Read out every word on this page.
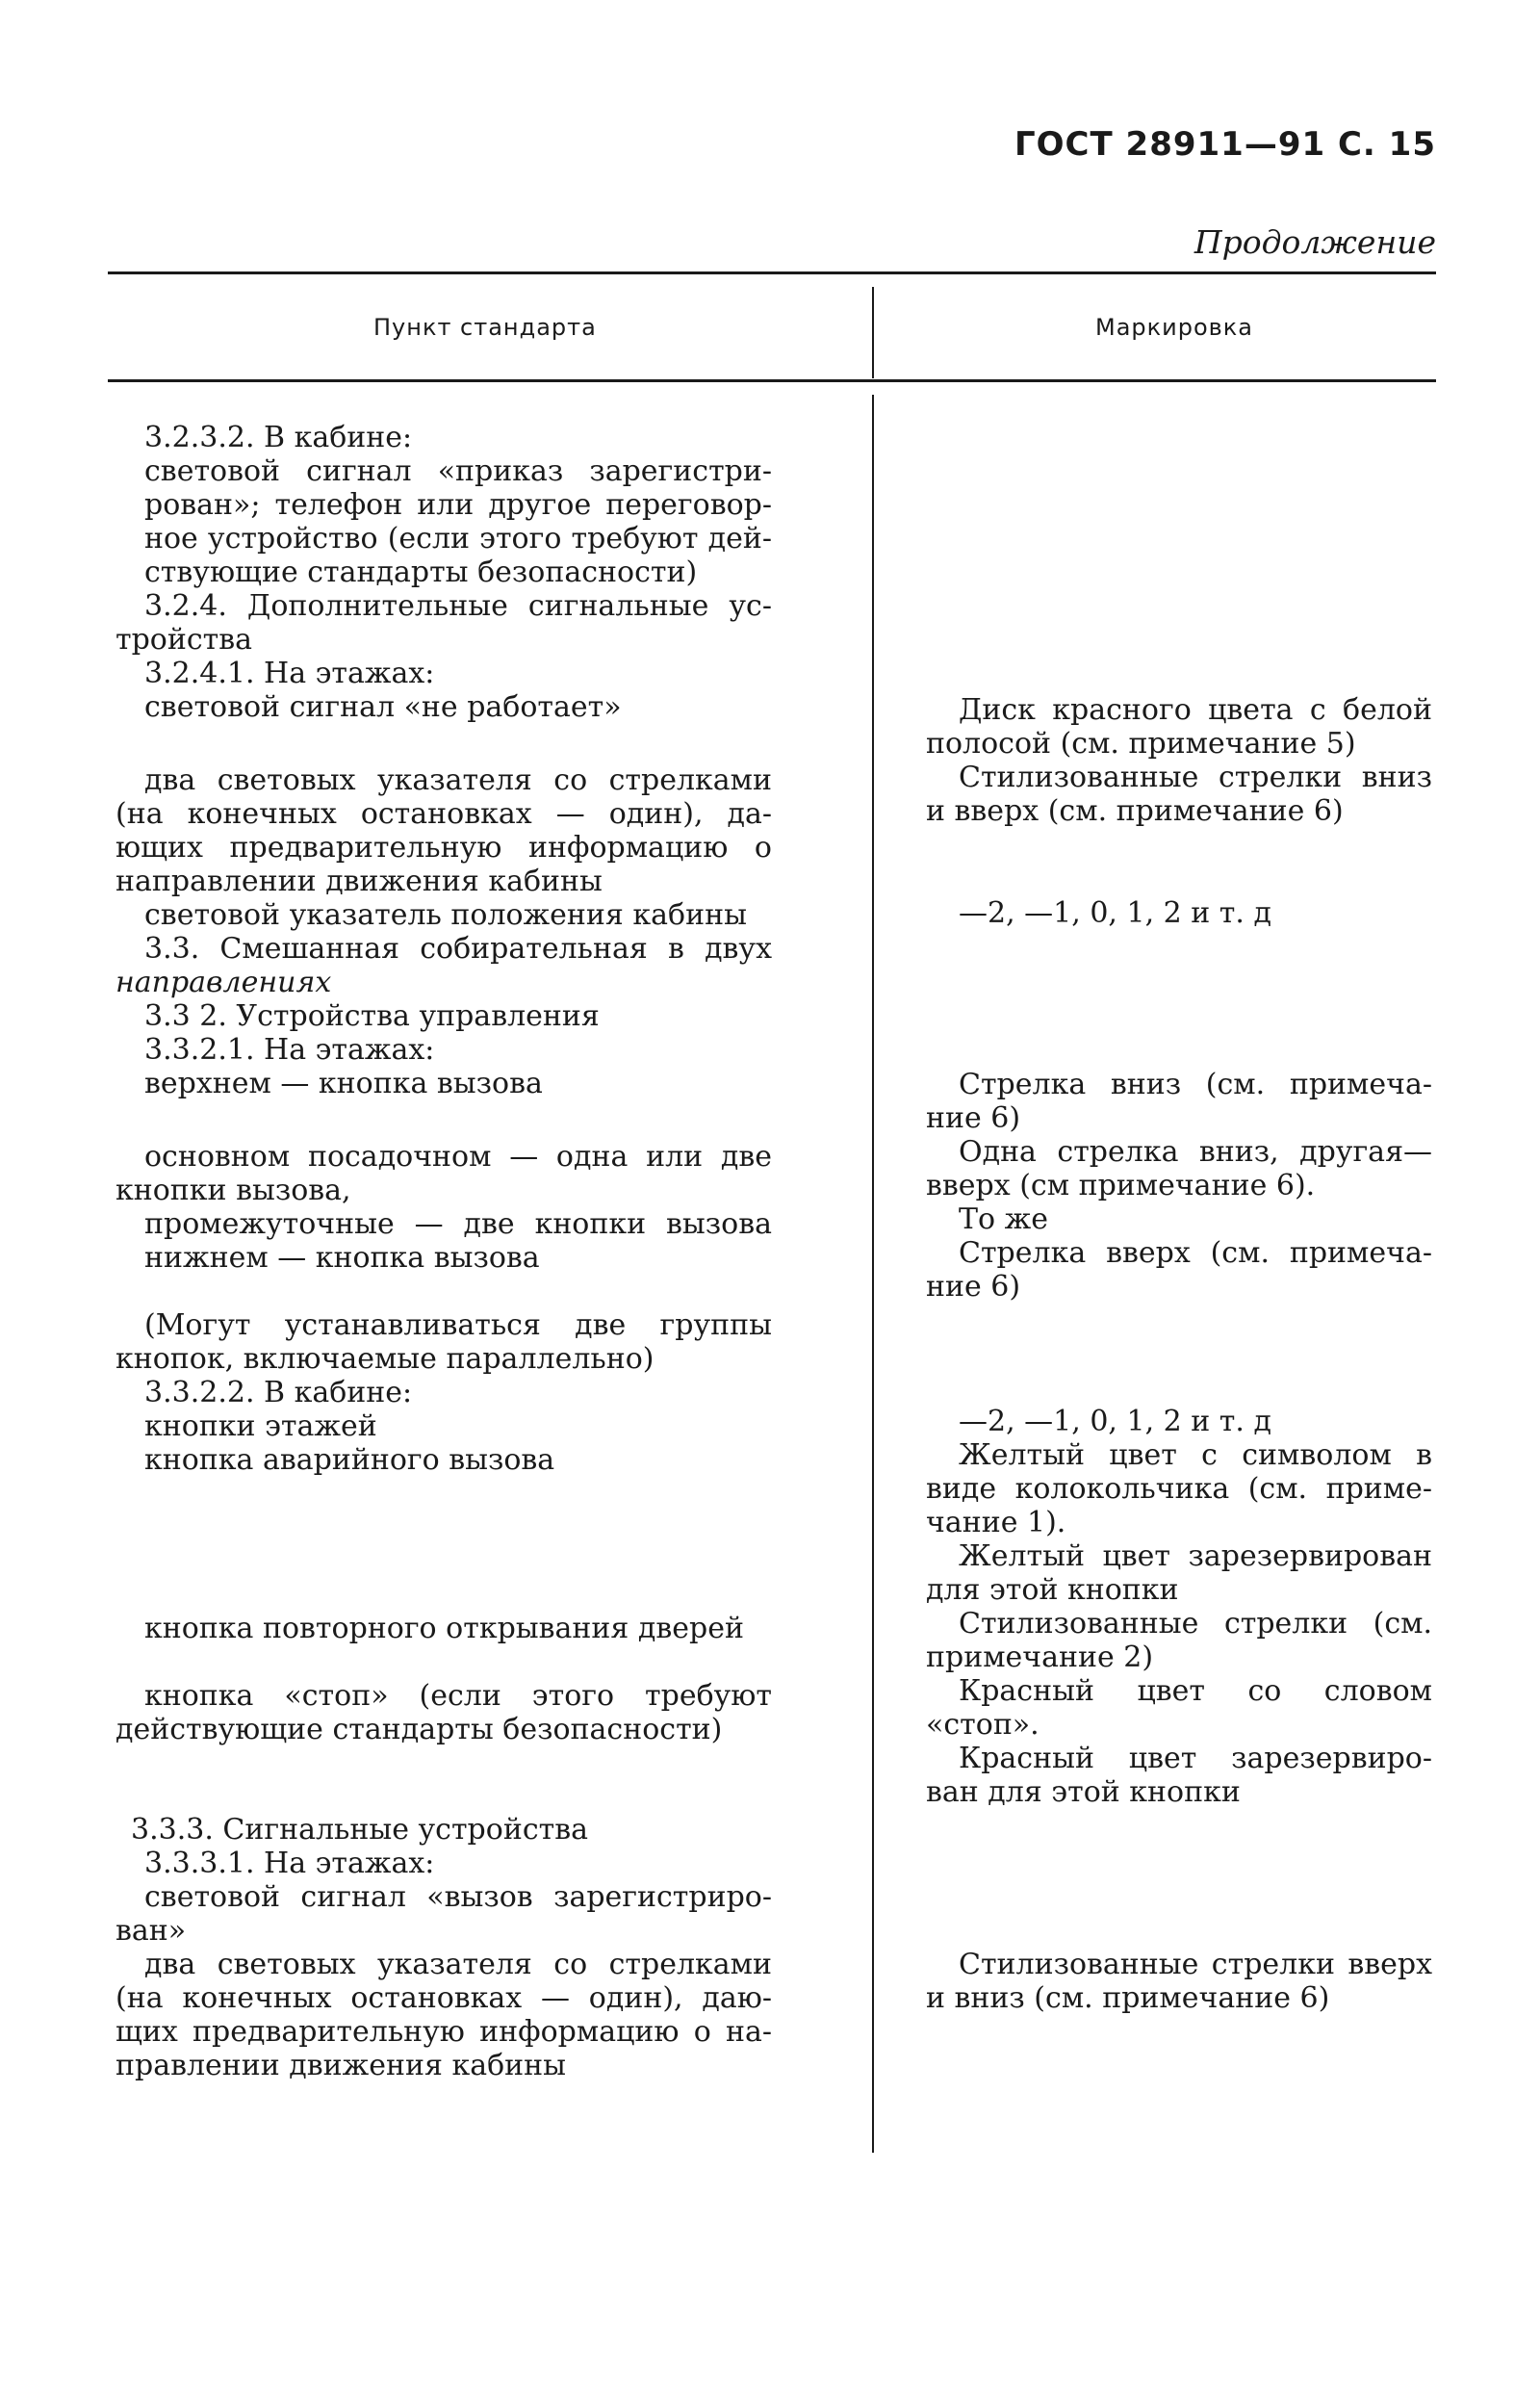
ГОСТ 28911—91 С. 15
Продолжение
Пункт стандарта	Маркировка
3.2.3.2. В кабине:
световой сигнал «приказ зарегистри-
рован»; телефон или другое переговор-
ное устройство (если этого требуют дей-
ствующие стандарты безопасности)
3.2.4. Дополнительные сигнальные ус-
тройства
3.2.4.1. На этажах:
световой сигнал «не работает»
два световых указателя со стрелками
(на конечных остановках — один), да-
ющих предварительную информацию о
направлении движения кабины
световой указатель положения кабины
3.3. Смешанная собирательная в двух
направлениях
3.3 2. Устройства управления
3.3.2.1. На этажах:
верхнем — кнопка вызова
основном посадочном — одна или две
кнопки вызова,
промежуточные — две кнопки вызова
нижнем — кнопка вызова
(Могут устанавливаться две группы
кнопок, включаемые параллельно)
3.3.2.2. В кабине:
кнопки этажей
кнопка аварийного вызова
кнопка повторного открывания дверей
кнопка «стоп» (если этого требуют
действующие стандарты безопасности)
3.3.3. Сигнальные устройства
3.3.3.1. На этажах:
световой сигнал «вызов зарегистриро-
ван»
два световых указателя со стрелками
(на конечных остановках — один), даю-
щих предварительную информацию о на-
правлении движения кабины
Диск красного цвета с белой
полосой (см. примечание 5)
Стилизованные стрелки вниз
и вверх (см. примечание 6)
—2, —1, 0, 1, 2 и т. д
Стрелка вниз (см. примеча-
ние 6)
Одна стрелка вниз, другая—
вверх (см примечание 6).
То же
Стрелка вверх (см. примеча-
ние 6)
—2, —1, 0, 1, 2 и т. д
Желтый цвет с символом в
виде колокольчика (см. приме-
чание 1).
Желтый цвет зарезервирован
для этой кнопки
Стилизованные стрелки (см.
примечание 2)
Красный цвет со словом
«стоп».
Красный цвет зарезервиро-
ван для этой кнопки
Стилизованные стрелки вверх
и вниз (см. примечание 6)
